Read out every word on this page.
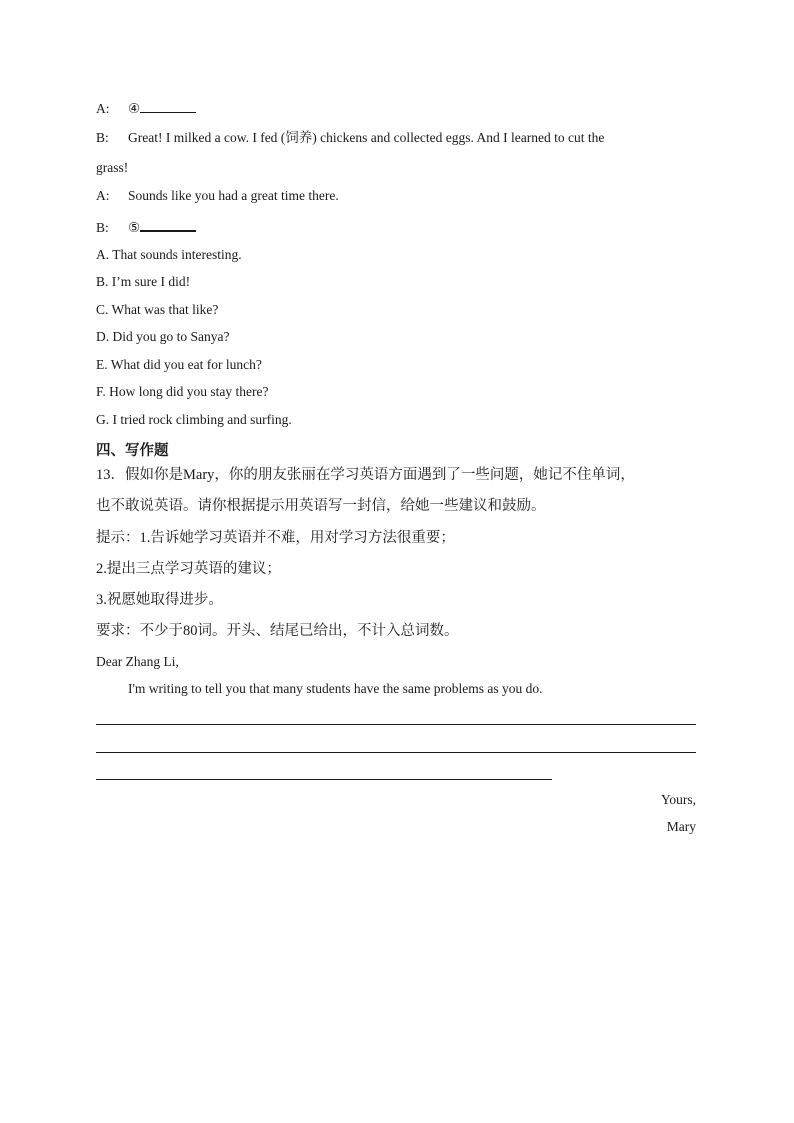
A: ④
B: Great! I milked a cow. I fed (饲养) chickens and collected eggs. And I learned to cut the
grass!
A: Sounds like you had a great time there.
B: ⑤
A. That sounds interesting.
B. I’m sure I did!
C. What was that like?
D. Did you go to Sanya?
E. What did you eat for lunch?
F. How long did you stay there?
G. I tried rock climbing and surfing.
四、写作题
13．假如你是Mary，你的朋友张丽在学习英语方面遇到了一些问题，她记不住单词，
也不敢说英语。请你根据提示用英语写一封信，给她一些建议和鼓励。
提示：1.告诉她学习英语并不难，用对学习方法很重要；
2.提出三点学习英语的建议；
3.祝愿她取得进步。
要求：不少于80词。开头、结尾已给出，不计入总词数。
Dear Zhang Li,
I'm writing to tell you that many students have the same problems as you do.
Yours,
Mary
